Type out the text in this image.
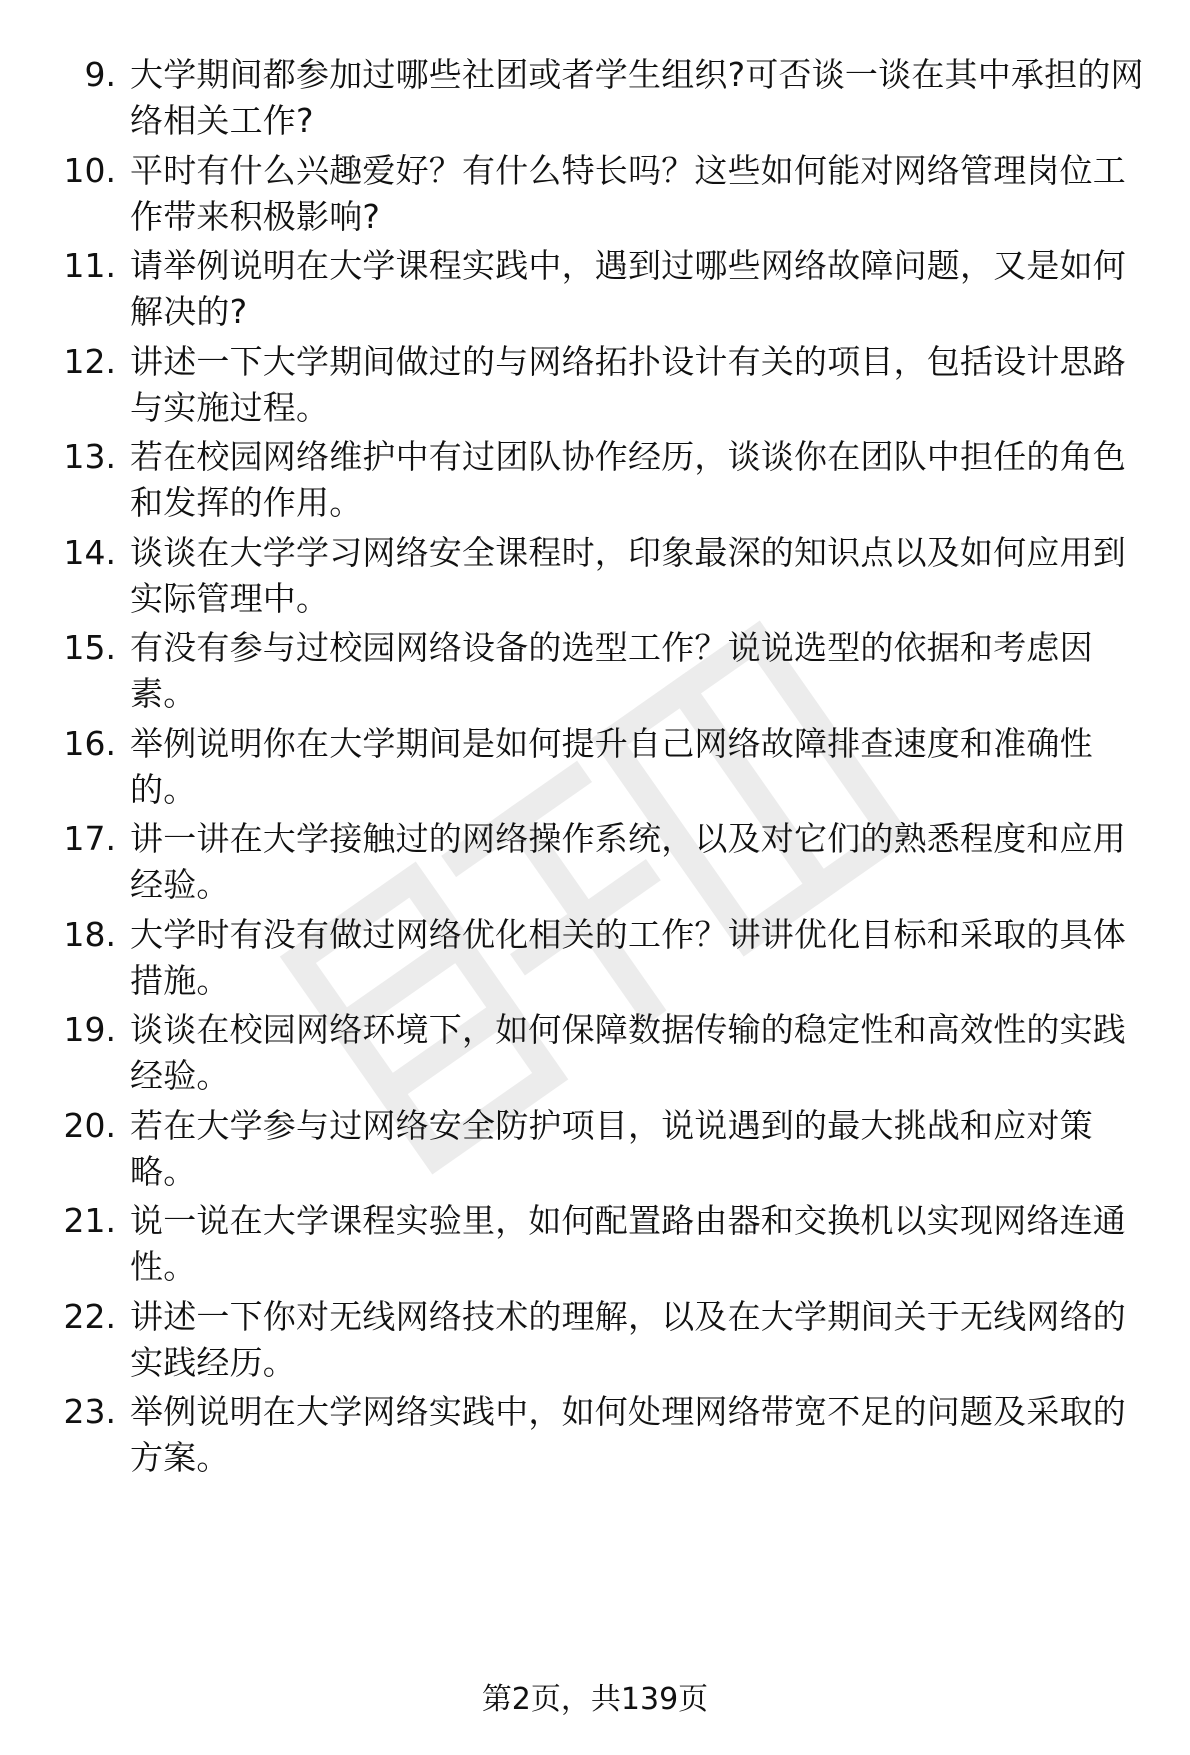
9. 大学期间都参加过哪些社团或者学生组织?可否谈一谈在其中承担的网络相关工作?
10. 平时有什么兴趣爱好？有什么特长吗？这些如何能对网络管理岗位工作带来积极影响?
11. 请举例说明在大学课程实践中，遇到过哪些网络故障问题，又是如何解决的?
12. 讲述一下大学期间做过的与网络拓扑设计有关的项目，包括设计思路与实施过程。
13. 若在校园网络维护中有过团队协作经历，谈谈你在团队中担任的角色和发挥的作用。
14. 谈谈在大学学习网络安全课程时，印象最深的知识点以及如何应用到实际管理中。
15. 有没有参与过校园网络设备的选型工作？说说选型的依据和考虑因素。
16. 举例说明你在大学期间是如何提升自己网络故障排查速度和准确性的。
17. 讲一讲在大学接触过的网络操作系统，以及对它们的熟悉程度和应用经验。
18. 大学时有没有做过网络优化相关的工作？讲讲优化目标和采取的具体措施。
19. 谈谈在校园网络环境下，如何保障数据传输的稳定性和高效性的实践经验。
20. 若在大学参与过网络安全防护项目，说说遇到的最大挑战和应对策略。
21. 说一说在大学课程实验里，如何配置路由器和交换机以实现网络连通性。
22. 讲述一下你对无线网络技术的理解，以及在大学期间关于无线网络的实践经历。
23. 举例说明在大学网络实践中，如何处理网络带宽不足的问题及采取的方案。
第2页，共139页
